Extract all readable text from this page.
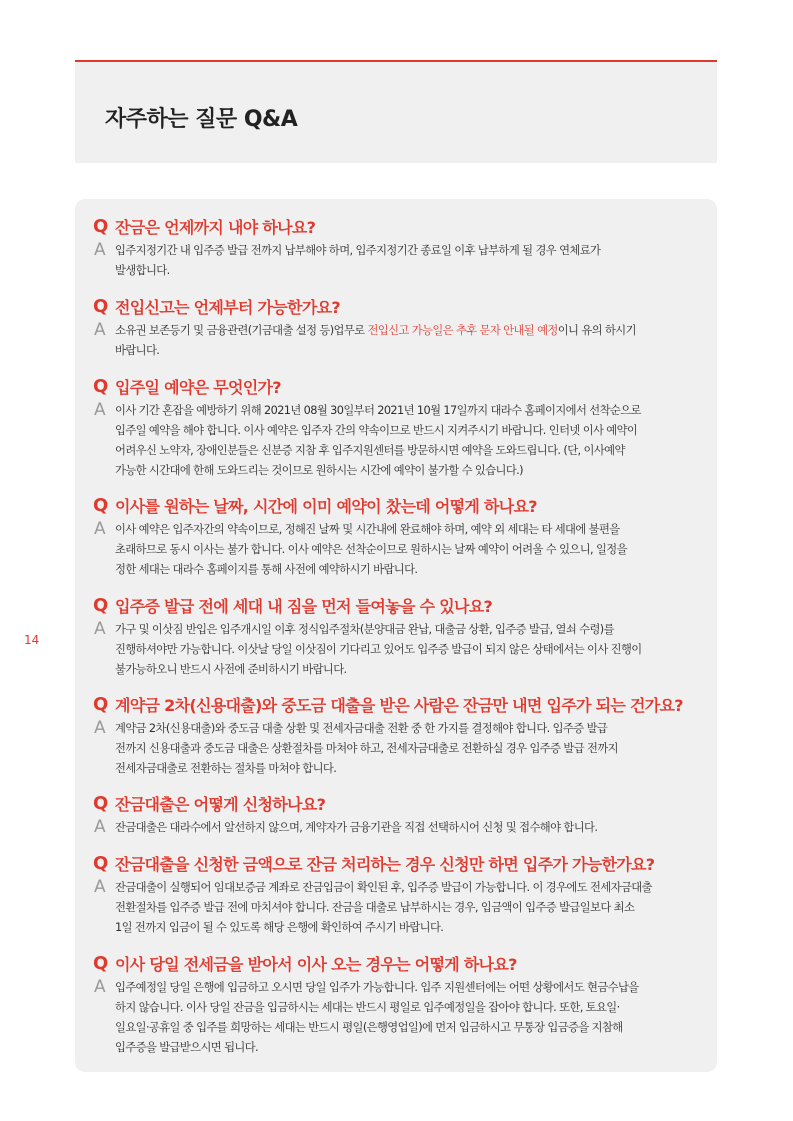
자주하는 질문 Q&A
14
Q 잔금은 언제까지 내야 하나요?
A 입주지정기간 내 입주증 발급 전까지 납부해야 하며, 입주지정기간 종료일 이후 납부하게 될 경우 연체료가
발생합니다.
Q 전입신고는 언제부터 가능한가요?
A 소유권 보존등기 및 금융관련(기금대출 설정 등)업무로 전입신고 가능일은 추후 문자 안내될 예정이니 유의 하시기
바랍니다.
Q 입주일 예약은 무엇인가?
A 이사 기간 혼잡을 예방하기 위해 2021년 08월 30일부터 2021년 10월 17일까지 대라수 홈페이지에서 선착순으로
입주일 예약을 해야 합니다. 이사 예약은 입주자 간의 약속이므로 반드시 지켜주시기 바랍니다. 인터넷 이사 예약이
어려우신 노약자, 장애인분들은 신분증 지참 후 입주지원센터를 방문하시면 예약을 도와드립니다. (단, 이사예약
가능한 시간대에 한해 도와드리는 것이므로 원하시는 시간에 예약이 불가할 수 있습니다.)
Q 이사를 원하는 날짜, 시간에 이미 예약이 찼는데 어떻게 하나요?
A 이사 예약은 입주자간의 약속이므로, 정해진 날짜 및 시간내에 완료해야 하며, 예약 외 세대는 타 세대에 불편을
초래하므로 동시 이사는 불가 합니다. 이사 예약은 선착순이므로 원하시는 날짜 예약이 어려울 수 있으니, 일정을
정한 세대는 대라수 홈페이지를 통해 사전에 예약하시기 바랍니다.
Q 입주증 발급 전에 세대 내 짐을 먼저 들여놓을 수 있나요?
A 가구 및 이삿짐 반입은 입주개시일 이후 정식입주절차(분양대금 완납, 대출금 상환, 입주증 발급, 열쇠 수령)를
진행하셔야만 가능합니다. 이삿날 당일 이삿짐이 기다리고 있어도 입주증 발급이 되지 않은 상태에서는 이사 진행이
불가능하오니 반드시 사전에 준비하시기 바랍니다.
Q 계약금 2차(신용대출)와 중도금 대출을 받은 사람은 잔금만 내면 입주가 되는 건가요?
A 계약금 2차(신용대출)와 중도금 대출 상환 및 전세자금대출 전환 중 한 가지를 결정해야 합니다. 입주증 발급
전까지 신용대출과 중도금 대출은 상환절차를 마쳐야 하고, 전세자금대출로 전환하실 경우 입주증 발급 전까지
전세자금대출로 전환하는 절차를 마쳐야 합니다.
Q 잔금대출은 어떻게 신청하나요?
A 잔금대출은 대라수에서 알선하지 않으며, 계약자가 금융기관을 직접 선택하시어 신청 및 접수해야 합니다.
Q 잔금대출을 신청한 금액으로 잔금 처리하는 경우 신청만 하면 입주가 가능한가요?
A 잔금대출이 실행되어 임대보증금 계좌로 잔금입금이 확인된 후, 입주증 발급이 가능합니다. 이 경우에도 전세자금대출
전환절차를 입주증 발급 전에 마치셔야 합니다. 잔금을 대출로 납부하시는 경우, 입금액이 입주증 발급일보다 최소
1일 전까지 입금이 될 수 있도록 해당 은행에 확인하여 주시기 바랍니다.
Q 이사 당일 전세금을 받아서 이사 오는 경우는 어떻게 하나요?
A 입주예정일 당일 은행에 입금하고 오시면 당일 입주가 가능합니다. 입주 지원센터에는 어떤 상황에서도 현금수납을
하지 않습니다. 이사 당일 잔금을 입금하시는 세대는 반드시 평일로 입주예정일을 잡아야 합니다. 또한, 토요일·
일요일·공휴일 중 입주를 희망하는 세대는 반드시 평일(은행영업일)에 먼저 입금하시고 무통장 입금증을 지참해
입주증을 발급받으시면 됩니다.
